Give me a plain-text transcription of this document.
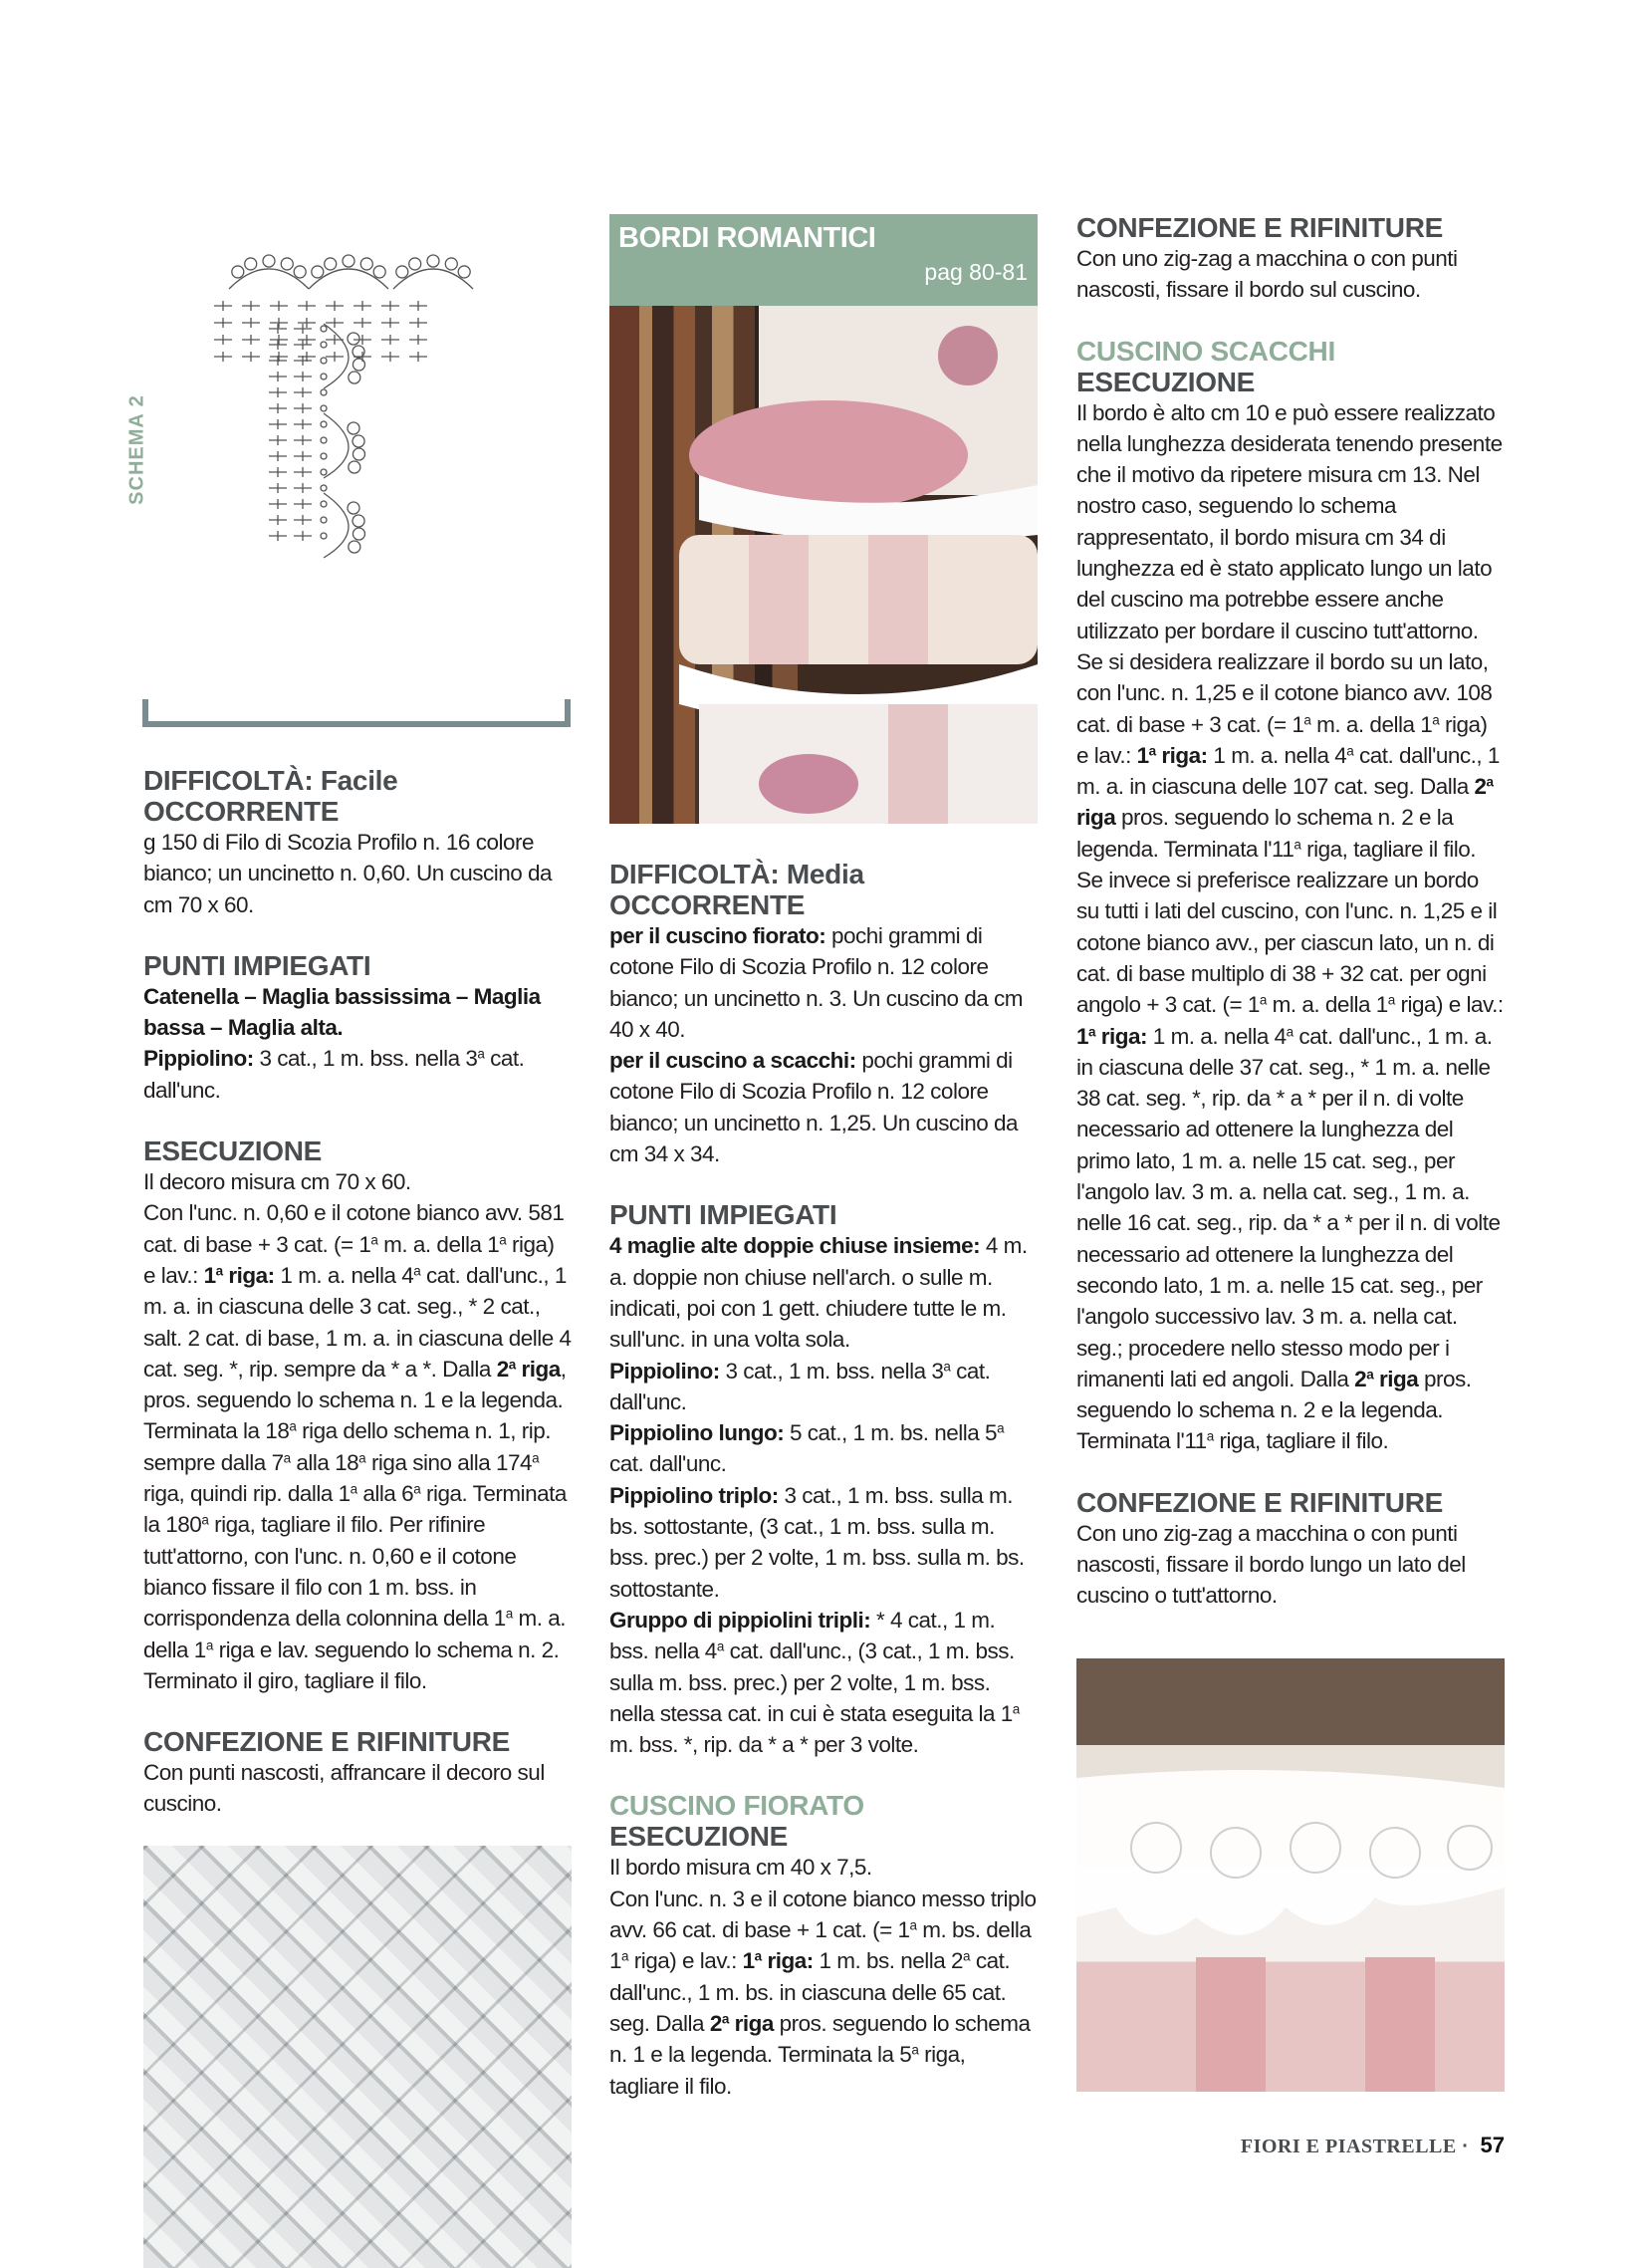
SCHEMA 2

DIFFICOLTÀ: Facile

OCCORRENTE

g 150 di Filo di Scozia Profilo n. 16 colore bianco; un uncinetto n. 0,60. Un cuscino da cm 70 x 60.

PUNTI IMPIEGATI

Catenella – Maglia bassissima – Maglia bassa – Maglia alta.

Pippiolino: 3 cat., 1 m. bss. nella 3$^a$ cat. dall'unc.

ESECUZIONE

Il decoro misura cm 70 x 60.

Con l'unc. n. 0,60 e il cotone bianco avv. 581 cat. di base + 3 cat. (= $1^a$ m. a. della 1$^a$ riga) e lav.: 1$^a$ riga: 1 m. a. nella 4$^a$ cat. dall'unc., 1 m. a. in ciascuna delle 3 cat. seg., * 2 cat., salt. 2 cat. di base, 1 m. a. in ciascuna delle 4 cat. seg. *, rip. sempre da * a *. Dalla 2$^a$ riga, pros. seguendo lo schema n. 1 e la legenda. Terminata la 18$^a$ riga dello schema n. 1, rip. sempre dalla 7$^a$ alla 18$^a$ riga sino alla 174$^a$ riga, quindi rip. dalla 1$^a$ alla 6$^a$ riga. Terminata la 180$^a$ riga, tagliare il filo. Per rifinire tutt'attorno, con l'unc. n. 0,60 e il cotone bianco fissare il filo con 1 m. bss. in corrispondenza della colonnina della 1$^a$ m. a. della 1$^a$ riga e lav. seguendo lo schema n. 2. Terminato il giro, tagliare il filo.

CONFEZIONE E RIFINITURE

Con punti nascosti, affrancare il decoro sul cuscino.

BORDI ROMANTICI
pag 80-81

DIFFICOLTÀ: Media

OCCORRENTE

per il cuscino fiorato: pochi grammi di cotone Filo di Scozia Profilo n. 12 colore bianco; un uncinetto n. 3. Un cuscino da cm 40 x 40.

per il cuscino a scacchi: pochi grammi di cotone Filo di Scozia Profilo n. 12 colore bianco; un uncinetto n. 1,25. Un cuscino da cm 34 x 34.

PUNTI IMPIEGATI

4 maglie alte doppie chiuse insieme: 4 m. a. doppie non chiuse nell'arch. o sulle m. indicati, poi con 1 gett. chiudere tutte le m. sull'unc. in una volta sola.

Pippiolino: 3 cat., 1 m. bss. nella 3$^a$ cat. dall'unc.

Pippiolino lungo: 5 cat., 1 m. bs. nella 5$^a$ cat. dall'unc.

Pippiolino triplo: 3 cat., 1 m. bss. sulla m. bs. sottostante, (3 cat., 1 m. bss. sulla m. bss. prec.) per 2 volte, 1 m. bss. sulla m. bs. sottostante.

Gruppo di pippiolini tripli: * 4 cat., 1 m. bss. nella 4$^a$ cat. dall'unc., (3 cat., 1 m. bss. sulla m. bss. prec.) per 2 volte, 1 m. bss. nella stessa cat. in cui è stata eseguita la 1$^a$ m. bss. *, rip. da * a * per 3 volte.

CUSCINO FIORATO

ESECUZIONE

Il bordo misura cm 40 x 7,5.

Con l'unc. n. 3 e il cotone bianco messo triplo avv. 66 cat. di base + 1 cat. (= $1^a$ m. bs. della 1$^a$ riga) e lav.: 1$^a$ riga: 1 m. bs. nella 2$^a$ cat. dall'unc., 1 m. bs. in ciascuna delle 65 cat. seg. Dalla 2$^a$ riga pros. seguendo lo schema n. 1 e la legenda. Terminata la 5$^a$ riga, tagliare il filo.

CONFEZIONE E RIFINITURE

Con uno zig-zag a macchina o con punti nascosti, fissare il bordo sul cuscino.

CUSCINO SCACCHI

ESECUZIONE

Il bordo è alto cm 10 e può essere realizzato nella lunghezza desiderata tenendo presente che il motivo da ripetere misura cm 13. Nel nostro caso, seguendo lo schema rappresentato, il bordo misura cm 34 di lunghezza ed è stato applicato lungo un lato del cuscino ma potrebbe essere anche utilizzato per bordare il cuscino tutt'attorno.

Se si desidera realizzare il bordo su un lato, con l'unc. n. 1,25 e il cotone bianco avv. 108 cat. di base + 3 cat. (= $1^a$ m. a. della 1$^a$ riga) e lav.: 1$^a$ riga: 1 m. a. nella 4$^a$ cat. dall'unc., 1 m. a. in ciascuna delle 107 cat. seg. Dalla 2$^a$ riga pros. seguendo lo schema n. 2 e la legenda. Terminata l'11$^a$ riga, tagliare il filo. Se invece si preferisce realizzare un bordo su tutti i lati del cuscino, con l'unc. n. 1,25 e il cotone bianco avv., per ciascun lato, un n. di cat. di base multiplo di 38 + 32 cat. per ogni angolo + 3 cat. (= $1^a$ m. a. della 1$^a$ riga) e lav.: 1$^a$ riga: 1 m. a. nella 4$^a$ cat. dall'unc., 1 m. a. in ciascuna delle 37 cat. seg., * 1 m. a. nelle 38 cat. seg. *, rip. da * a * per il n. di volte necessario ad ottenere la lunghezza del primo lato, 1 m. a. nelle 15 cat. seg., per l'angolo lav. 3 m. a. nella cat. seg., 1 m. a. nelle 16 cat. seg., rip. da * a * per il n. di volte necessario ad ottenere la lunghezza del secondo lato, 1 m. a. nelle 15 cat. seg., per l'angolo successivo lav. 3 m. a. nella cat. seg.; procedere nello stesso modo per i rimanenti lati ed angoli. Dalla 2$^a$ riga pros. seguendo lo schema n. 2 e la legenda. Terminata l'11$^a$ riga, tagliare il filo.

CONFEZIONE E RIFINITURE

Con uno zig-zag a macchina o con punti nascosti, fissare il bordo lungo un lato del cuscino o tutt'attorno.

FIORI E PIASTRELLE · 57
